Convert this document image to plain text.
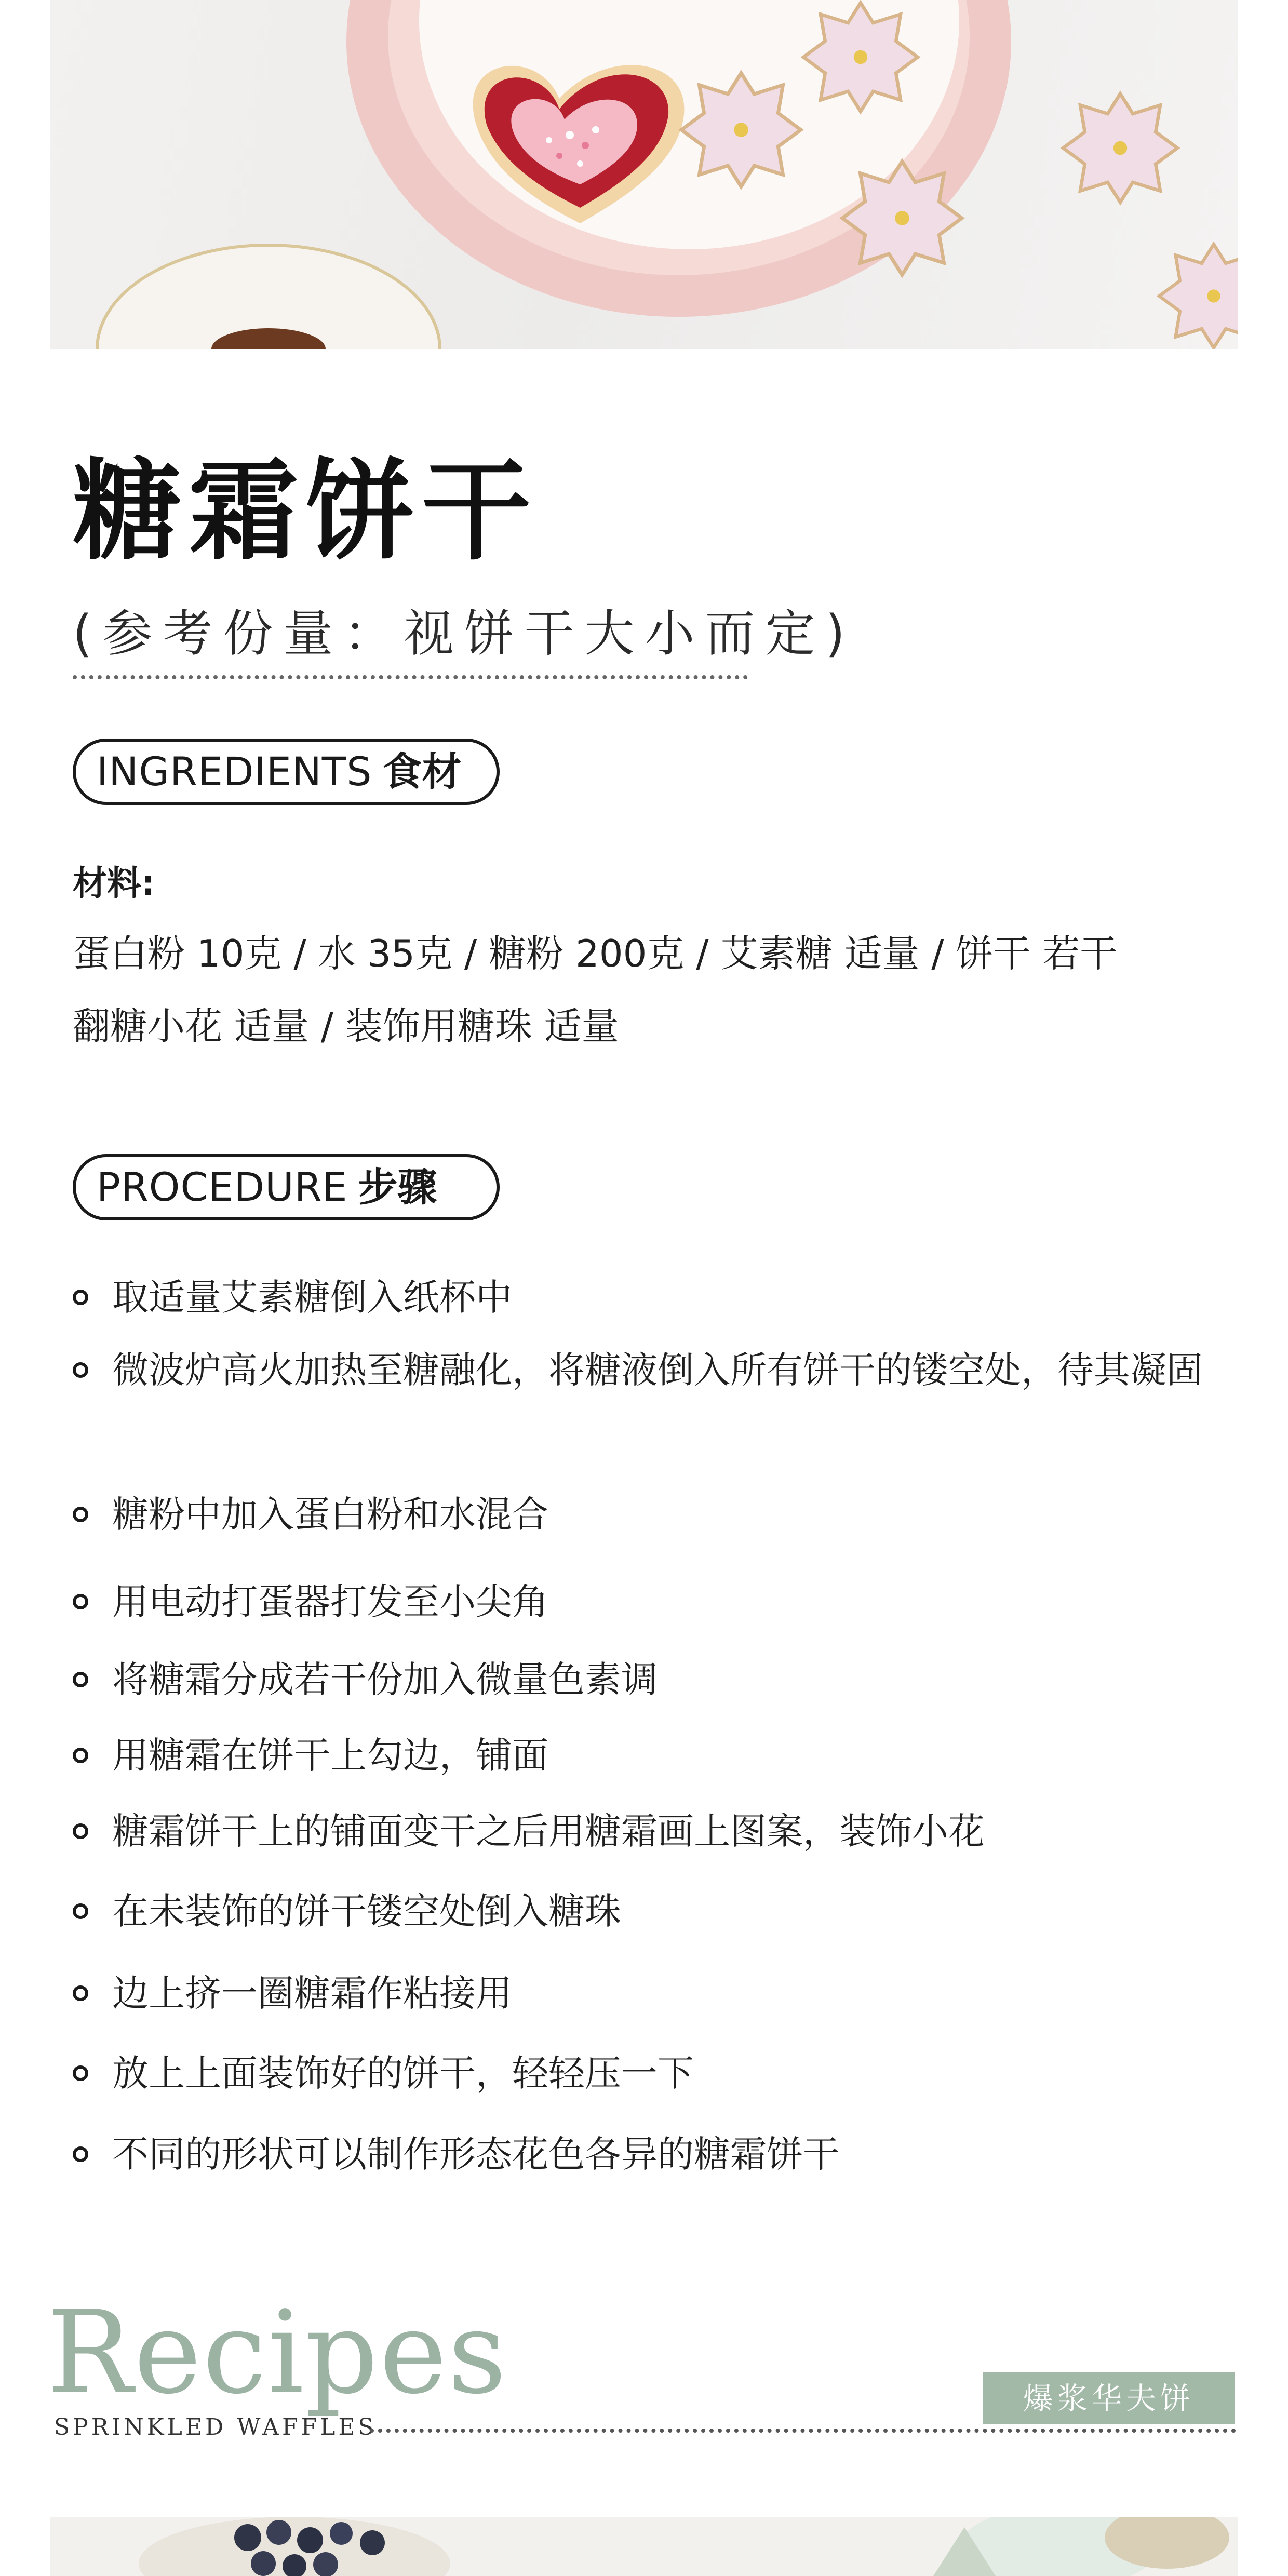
糖霜饼干
(参考份量：视饼干大小而定)
INGREDIENTS 食材
材料:
蛋白粉 10克 / 水 35克 / 糖粉 200克 / 艾素糖 适量 / 饼干 若干
翻糖小花 适量 / 装饰用糖珠 适量
PROCEDURE 步骤
取适量艾素糖倒入纸杯中
微波炉高火加热至糖融化，将糖液倒入所有饼干的镂空处，待其凝固
糖粉中加入蛋白粉和水混合
用电动打蛋器打发至小尖角
将糖霜分成若干份加入微量色素调
用糖霜在饼干上勾边，铺面
糖霜饼干上的铺面变干之后用糖霜画上图案，装饰小花
在未装饰的饼干镂空处倒入糖珠
边上挤一圈糖霜作粘接用
放上上面装饰好的饼干，轻轻压一下
不同的形状可以制作形态花色各异的糖霜饼干
Recipes
SPRINKLED WAFFLES
爆浆华夫饼
